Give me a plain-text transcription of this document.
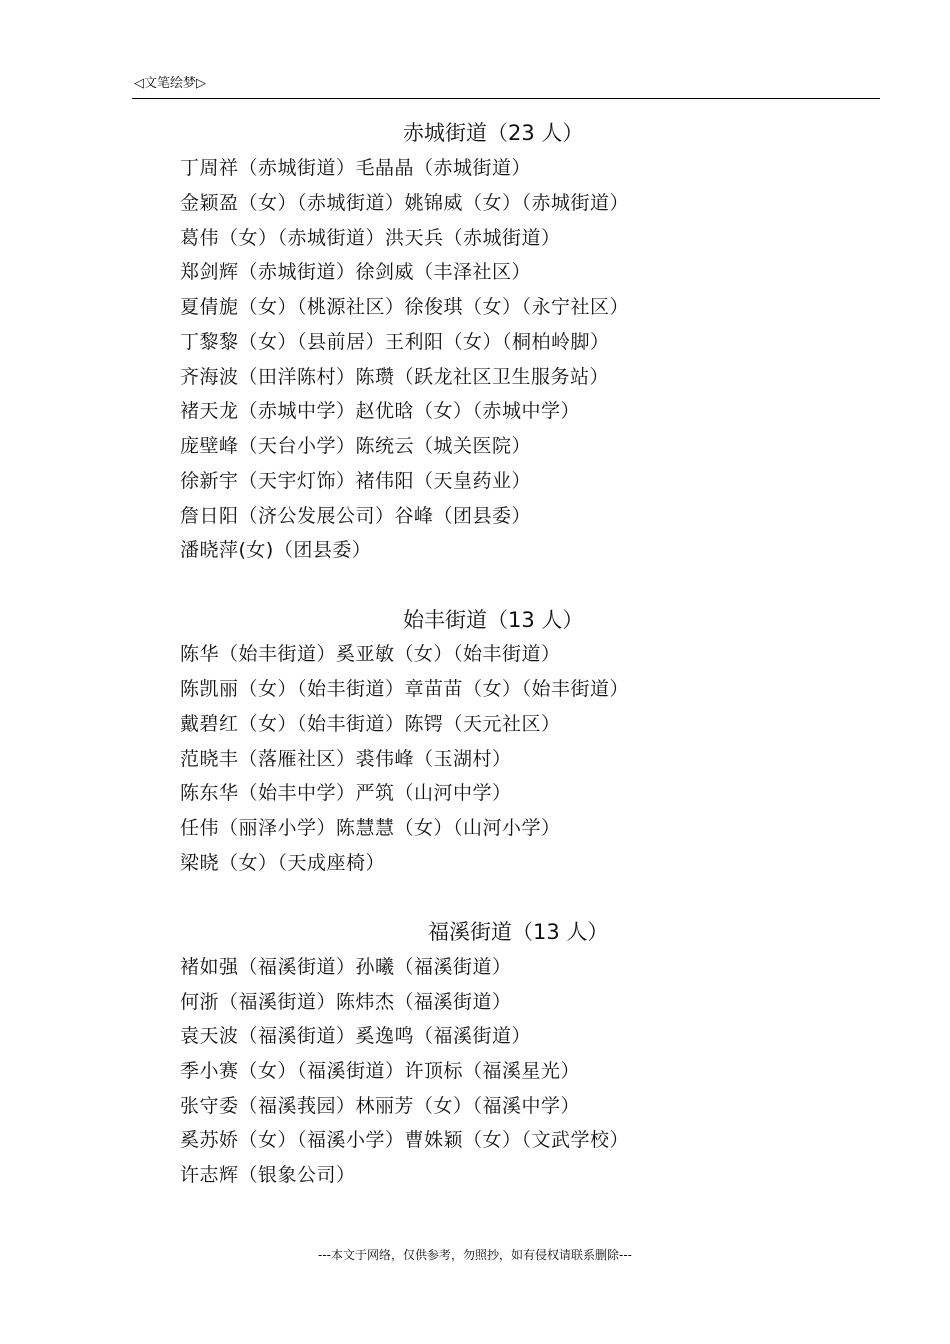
◁文笔绘梦▷
赤城街道（23 人）
丁周祥（赤城街道）毛晶晶（赤城街道）
金颖盈（女）（赤城街道）姚锦威（女）（赤城街道）
葛伟（女）（赤城街道）洪天兵（赤城街道）
郑剑辉（赤城街道）徐剑威（丰泽社区）
夏倩旎（女）（桃源社区）徐俊琪（女）（永宁社区）
丁黎黎（女）（县前居）王利阳（女）（桐柏岭脚）
齐海波（田洋陈村）陈瓒（跃龙社区卫生服务站）
褚天龙（赤城中学）赵优晗（女）（赤城中学）
庞壁峰（天台小学）陈统云（城关医院）
徐新宇（天宇灯饰）褚伟阳（天皇药业）
詹日阳（济公发展公司）谷峰（团县委）
潘晓萍(女)（团县委）
始丰街道（13 人）
陈华（始丰街道）奚亚敏（女）（始丰街道）
陈凯丽（女）（始丰街道）章苗苗（女）（始丰街道）
戴碧红（女）（始丰街道）陈锷（天元社区）
范晓丰（落雁社区）裘伟峰（玉湖村）
陈东华（始丰中学）严筑（山河中学）
任伟（丽泽小学）陈慧慧（女）（山河小学）
梁晓（女）（天成座椅）
福溪街道（13 人）
褚如强（福溪街道）孙曦（福溪街道）
何浙（福溪街道）陈炜杰（福溪街道）
袁天波（福溪街道）奚逸鸣（福溪街道）
季小赛（女）（福溪街道）许顶标（福溪星光）
张守委（福溪莪园）林丽芳（女）（福溪中学）
奚苏娇（女）（福溪小学）曹姝颖（女）（文武学校）
许志辉（银象公司）
---本文于网络，仅供参考，勿照抄，如有侵权请联系删除---
